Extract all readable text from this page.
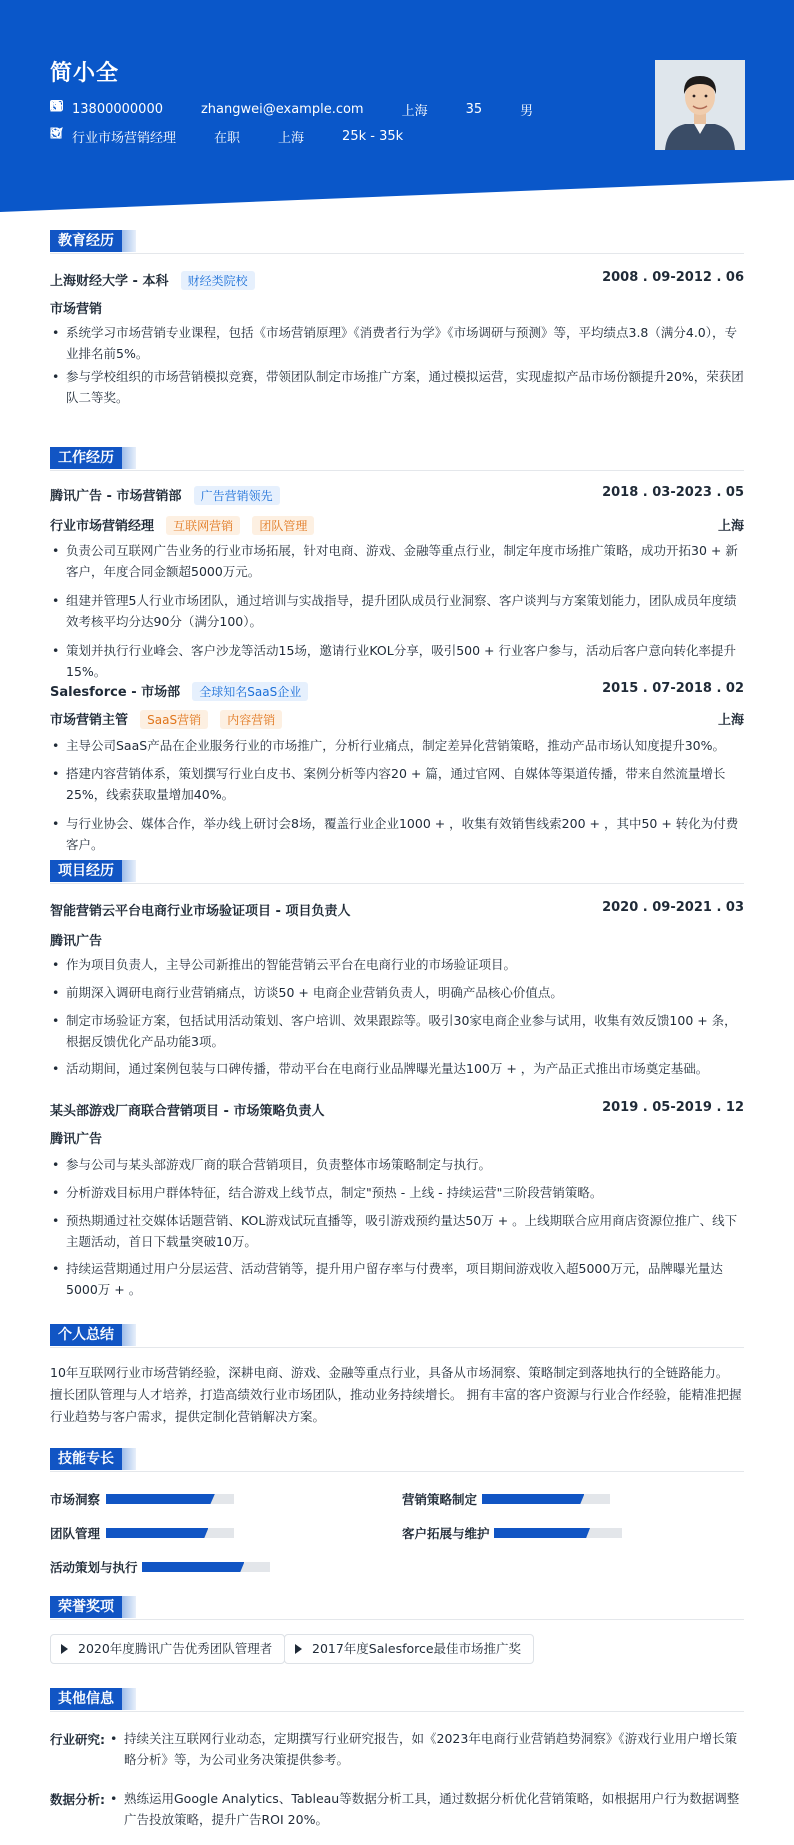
简小全
13800000000	zhangwei@example.com	上海	35	男
行业市场营销经理	在职	上海	25k - 35k
教育经历
上海财经大学 - 本科 财经类院校	2008 . 09-2012 . 06
市场营销
• 系统学习市场营销专业课程，包括《市场营销原理》《消费者行为学》《市场调研与预测》等，平均绩点3.8（满分4.0），专业排名前5%。
• 参与学校组织的市场营销模拟竞赛，带领团队制定市场推广方案，通过模拟运营，实现虚拟产品市场份额提升20%，荣获团队二等奖。
工作经历
腾讯广告 - 市场营销部 广告营销领先	2018 . 03-2023 . 05
行业市场营销经理 互联网营销 团队管理	上海
• 负责公司互联网广告业务的行业市场拓展，针对电商、游戏、金融等重点行业，制定年度市场推广策略，成功开拓30 + 新客户，年度合同金额超5000万元。
• 组建并管理5人行业市场团队，通过培训与实战指导，提升团队成员行业洞察、客户谈判与方案策划能力，团队成员年度绩效考核平均分达90分（满分100）。
• 策划并执行行业峰会、客户沙龙等活动15场，邀请行业KOL分享，吸引500 + 行业客户参与，活动后客户意向转化率提升15%。
Salesforce - 市场部 全球知名SaaS企业	2015 . 07-2018 . 02
市场营销主管 SaaS营销 内容营销	上海
• 主导公司SaaS产品在企业服务行业的市场推广，分析行业痛点，制定差异化营销策略，推动产品市场认知度提升30%。
• 搭建内容营销体系，策划撰写行业白皮书、案例分析等内容20 + 篇，通过官网、自媒体等渠道传播，带来自然流量增长25%，线索获取量增加40%。
• 与行业协会、媒体合作，举办线上研讨会8场，覆盖行业企业1000 + ，收集有效销售线索200 + ，其中50 + 转化为付费客户。
项目经历
智能营销云平台电商行业市场验证项目 - 项目负责人	2020 . 09-2021 . 03
腾讯广告
• 作为项目负责人，主导公司新推出的智能营销云平台在电商行业的市场验证项目。
• 前期深入调研电商行业营销痛点，访谈50 + 电商企业营销负责人，明确产品核心价值点。
• 制定市场验证方案，包括试用活动策划、客户培训、效果跟踪等。吸引30家电商企业参与试用，收集有效反馈100 + 条，根据反馈优化产品功能3项。
• 活动期间，通过案例包装与口碑传播，带动平台在电商行业品牌曝光量达100万 + ，为产品正式推出市场奠定基础。
某头部游戏厂商联合营销项目 - 市场策略负责人	2019 . 05-2019 . 12
腾讯广告
• 参与公司与某头部游戏厂商的联合营销项目，负责整体市场策略制定与执行。
• 分析游戏目标用户群体特征，结合游戏上线节点，制定"预热 - 上线 - 持续运营"三阶段营销策略。
• 预热期通过社交媒体话题营销、KOL游戏试玩直播等，吸引游戏预约量达50万 + 。上线期联合应用商店资源位推广、线下主题活动，首日下载量突破10万。
• 持续运营期通过用户分层运营、活动营销等，提升用户留存率与付费率，项目期间游戏收入超5000万元，品牌曝光量达5000万 + 。
个人总结
10年互联网行业市场营销经验，深耕电商、游戏、金融等重点行业，具备从市场洞察、策略制定到落地执行的全链路能力。 擅长团队管理与人才培养，打造高绩效行业市场团队，推动业务持续增长。 拥有丰富的客户资源与行业合作经验，能精准把握行业趋势与客户需求，提供定制化营销解决方案。
技能专长
市场洞察	营销策略制定
团队管理	客户拓展与维护
活动策划与执行
荣誉奖项
2020年度腾讯广告优秀团队管理者	2017年度Salesforce最佳市场推广奖
其他信息
行业研究:	• 持续关注互联网行业动态，定期撰写行业研究报告，如《2023年电商行业营销趋势洞察》《游戏行业用户增长策略分析》等，为公司业务决策提供参考。
数据分析:	• 熟练运用Google Analytics、Tableau等数据分析工具，通过数据分析优化营销策略，如根据用户行为数据调整广告投放策略，提升广告ROI 20%。
